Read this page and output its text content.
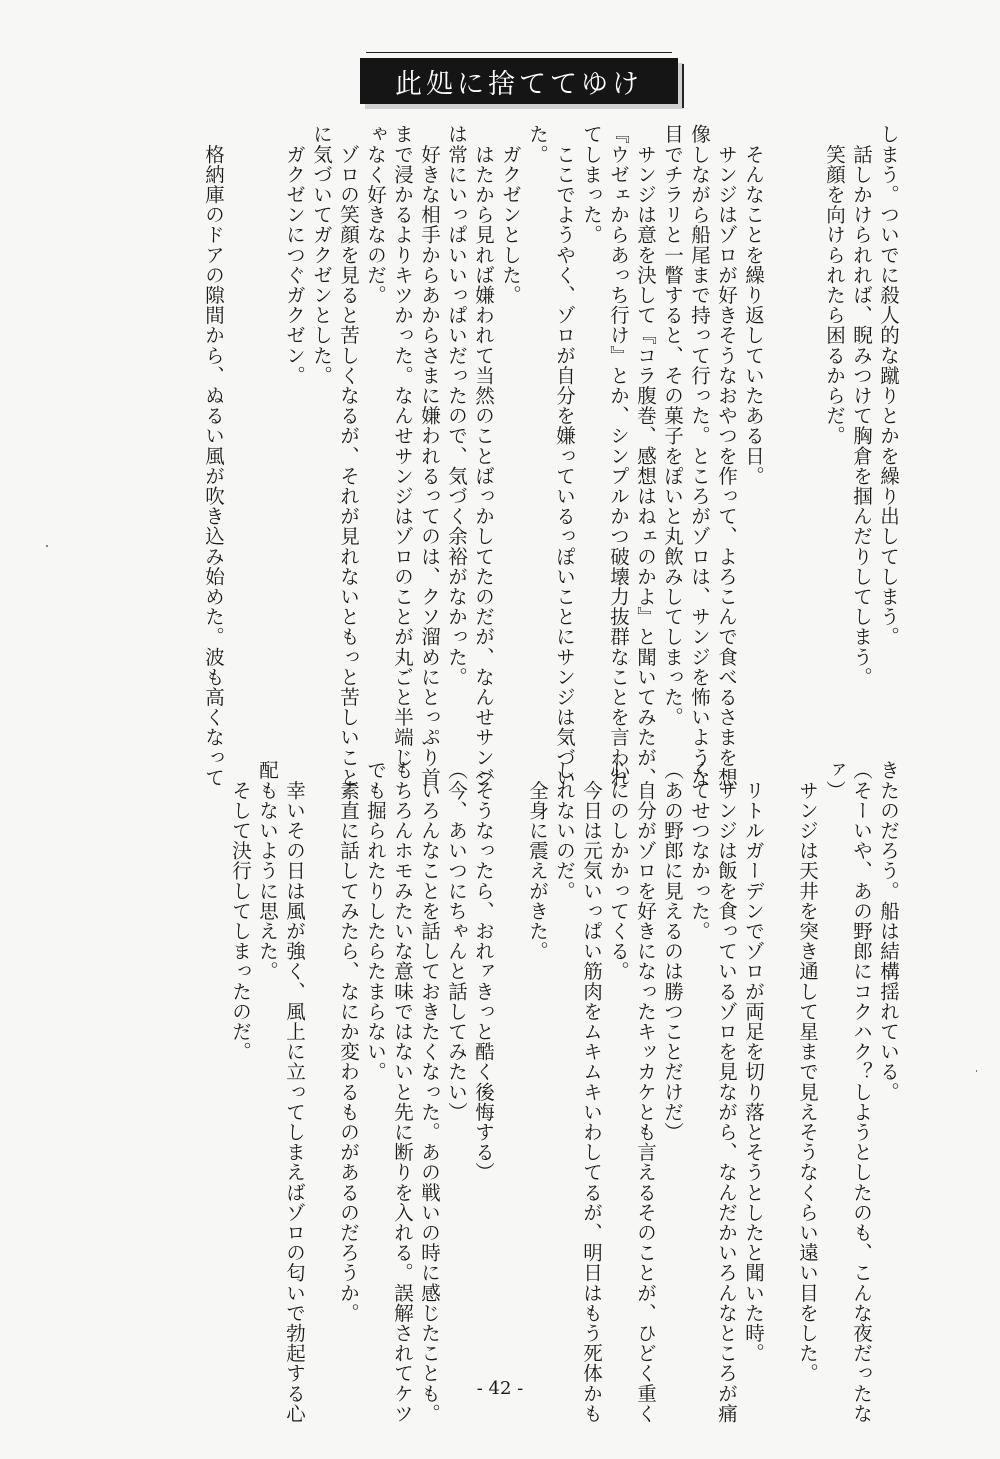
此処に捨ててゆけ
しまう。ついでに殺人的な蹴りとかを繰り出してしまう。
　話しかけられれば、睨みつけて胸倉を掴んだりしてしまう。
　笑顔を向けられたら困るからだ。
　そんなことを繰り返していたある日。
　サンジはゾロが好きそうなおやつを作って、よろこんで食べるさまを想
像しながら船尾まで持って行った。ところがゾロは、サンジを怖いような
目でチラリと一瞥すると、その菓子をぽいと丸飲みしてしまった。
　サンジは意を決して『コラ腹巻、感想はねェのかよ』と聞いてみたが、
『ウゼェからあっち行け』とか、シンプルかつ破壊力抜群なことを言われ
てしまった。
　ここでようやく、ゾロが自分を嫌っているっぽいことにサンジは気づい
た。
　ガクゼンとした。
　はたから見れば嫌われて当然のことばっかしてたのだが、なんせサンジ
は常にいっぱいいっぱいだったので、気づく余裕がなかった。
　好きな相手からあからさまに嫌われるってのは、クソ溜めにとっぷり首
まで浸かるよりキツかった。なんせサンジはゾロのことが丸ごと半端じ
ゃなく好きなのだ。
　ゾロの笑顔を見ると苦しくなるが、それが見れないともっと苦しいこと
に気づいてガクゼンとした。
　ガクゼンにつぐガクゼン。
　格納庫のドアの隙間から、ぬるい風が吹き込み始めた。波も高くなって
きたのだろう。船は結構揺れている。
（そーいや、あの野郎にコクハク？しようとしたのも、こんな夜だったな
ァ）
　サンジは天井を突き通して星まで見えそうなくらい遠い目をした。
　リトルガーデンでゾロが両足を切り落とそうとしたと聞いた時。
　サンジは飯を食っているゾロを見ながら、なんだかいろんなところが痛
くてせつなかった。
（あの野郎に見えるのは勝つことだけだ）
　自分がゾロを好きになったキッカケとも言えるそのことが、ひどく重く
心にのしかかってくる。
　今日は元気いっぱい筋肉をムキムキいわしてるが、明日はもう死体かも
しれないのだ。
　全身に震えがきた。
（そうなったら、おれァきっと酷く後悔する）
（今、あいつにちゃんと話してみたい）
　いろんなことを話しておきたくなった。あの戦いの時に感じたことも。
もちろんホモみたいな意味ではないと先に断りを入れる。誤解されてケツ
でも掘られたりしたらたまらない。
　素直に話してみたら、なにか変わるものがあるのだろうか。
　幸いその日は風が強く、風上に立ってしまえばゾロの匂いで勃起する心
配もないように思えた。
　そして決行してしまったのだ。
- 42 -
